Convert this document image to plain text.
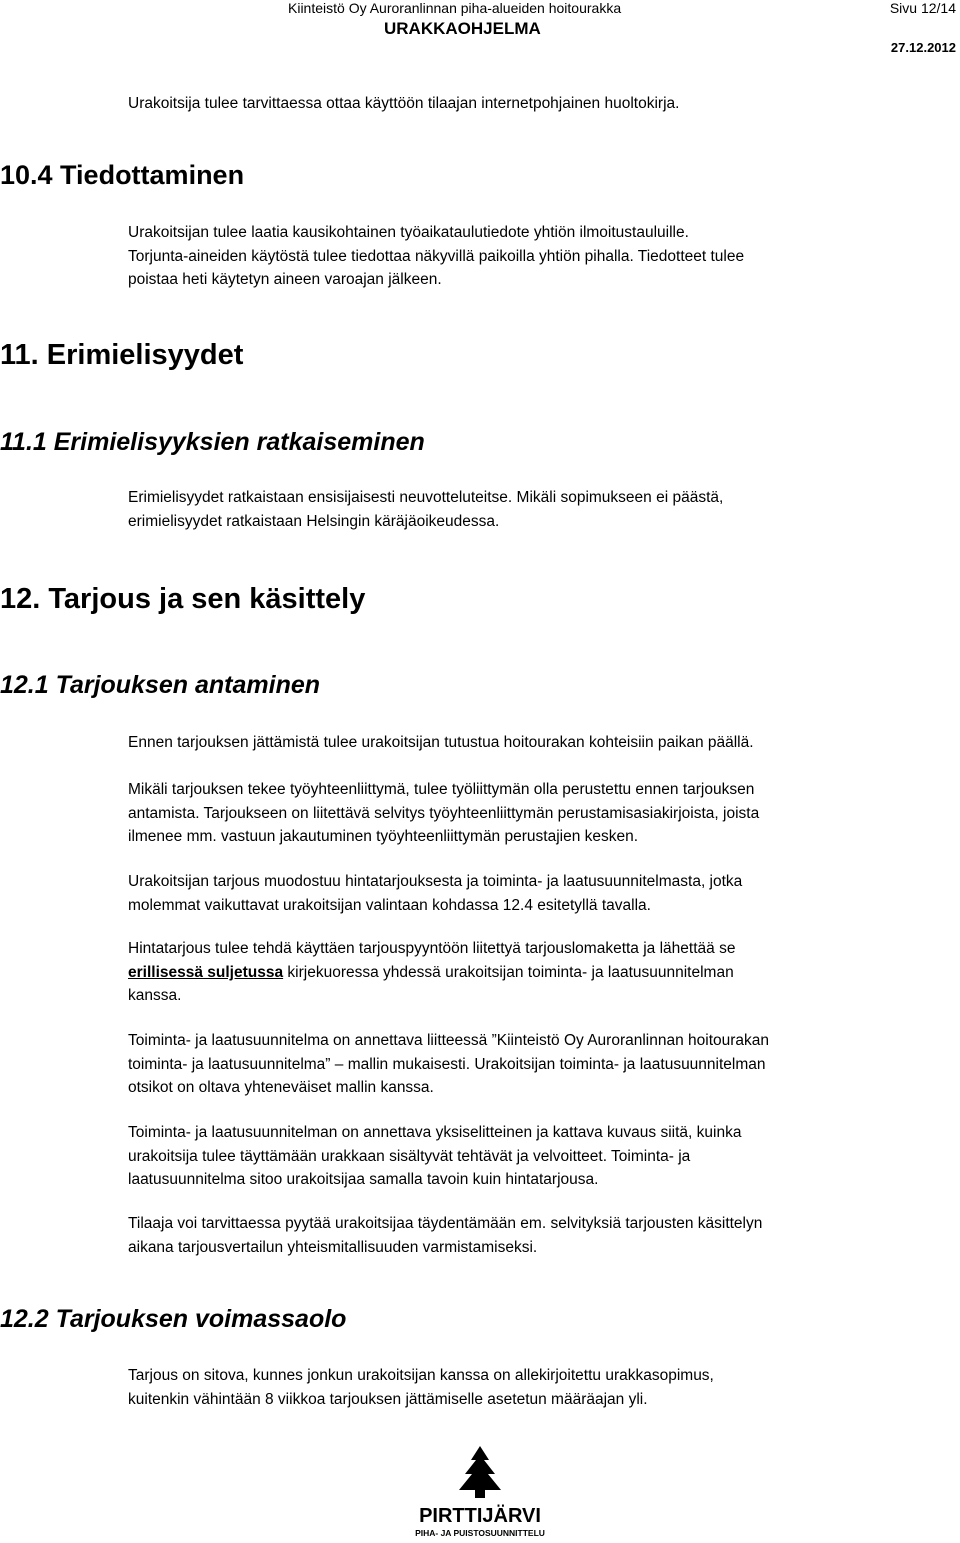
Kiinteistö Oy Auroranlinnan piha-alueiden hoitourakka	Sivu 12/14
URAKKAOHJELMA
27.12.2012
Urakoitsija tulee tarvittaessa ottaa käyttöön tilaajan internetpohjainen huoltokirja.
10.4 Tiedottaminen
Urakoitsijan tulee laatia kausikohtainen työaikataulutiedote yhtiön ilmoitustauluille.
Torjunta-aineiden käytöstä tulee tiedottaa näkyvillä paikoilla yhtiön pihalla. Tiedotteet tulee
poistaa heti käytetyn aineen varoajan jälkeen.
11. Erimielisyydet
11.1 Erimielisyyksien ratkaiseminen
Erimielisyydet ratkaistaan ensisijaisesti neuvotteluteitse. Mikäli sopimukseen ei päästä,
erimielisyydet ratkaistaan Helsingin käräjäoikeudessa.
12. Tarjous ja sen käsittely
12.1 Tarjouksen antaminen
Ennen tarjouksen jättämistä tulee urakoitsijan tutustua hoitourakan kohteisiin paikan päällä.
Mikäli tarjouksen tekee työyhteenliittymä, tulee työliittymän olla perustettu ennen tarjouksen
antamista. Tarjoukseen on liitettävä selvitys työyhteenliittymän perustamisasiakirjoista, joista
ilmenee mm. vastuun jakautuminen työyhteenliittymän perustajien kesken.
Urakoitsijan tarjous muodostuu hintatarjouksesta ja toiminta- ja laatusuunnitelmasta, jotka
molemmat vaikuttavat urakoitsijan valintaan kohdassa 12.4 esitetyllä tavalla.
Hintatarjous tulee tehdä käyttäen tarjouspyyntöön liitettyä tarjouslomaketta ja lähettää se
erillisessä suljetussa kirjekuoressa yhdessä urakoitsijan toiminta- ja laatusuunnitelman
kanssa.
Toiminta- ja laatusuunnitelma on annettava liitteessä ”Kiinteistö Oy Auroranlinnan hoitourakan
toiminta- ja laatusuunnitelma” – mallin mukaisesti. Urakoitsijan toiminta- ja laatusuunnitelman
otsikot on oltava yhteneväiset mallin kanssa.
Toiminta- ja laatusuunnitelman on annettava yksiselitteinen ja kattava kuvaus siitä, kuinka
urakoitsija tulee täyttämään urakkaan sisältyvät tehtävät ja velvoitteet. Toiminta- ja
laatusuunnitelma sitoo urakoitsijaa samalla tavoin kuin hintatarjousa.
Tilaaja voi tarvittaessa pyytää urakoitsijaa täydentämään em. selvityksiä tarjousten käsittelyn
aikana tarjousvertailun yhteismitallisuuden varmistamiseksi.
12.2 Tarjouksen voimassaolo
Tarjous on sitova, kunnes jonkun urakoitsijan kanssa on allekirjoitettu urakkasopimus,
kuitenkin vähintään 8 viikkoa tarjouksen jättämiselle asetetun määräajan yli.
PIRTTIJÄRVI
PIHA- JA PUISTOSUUNNITTELU
